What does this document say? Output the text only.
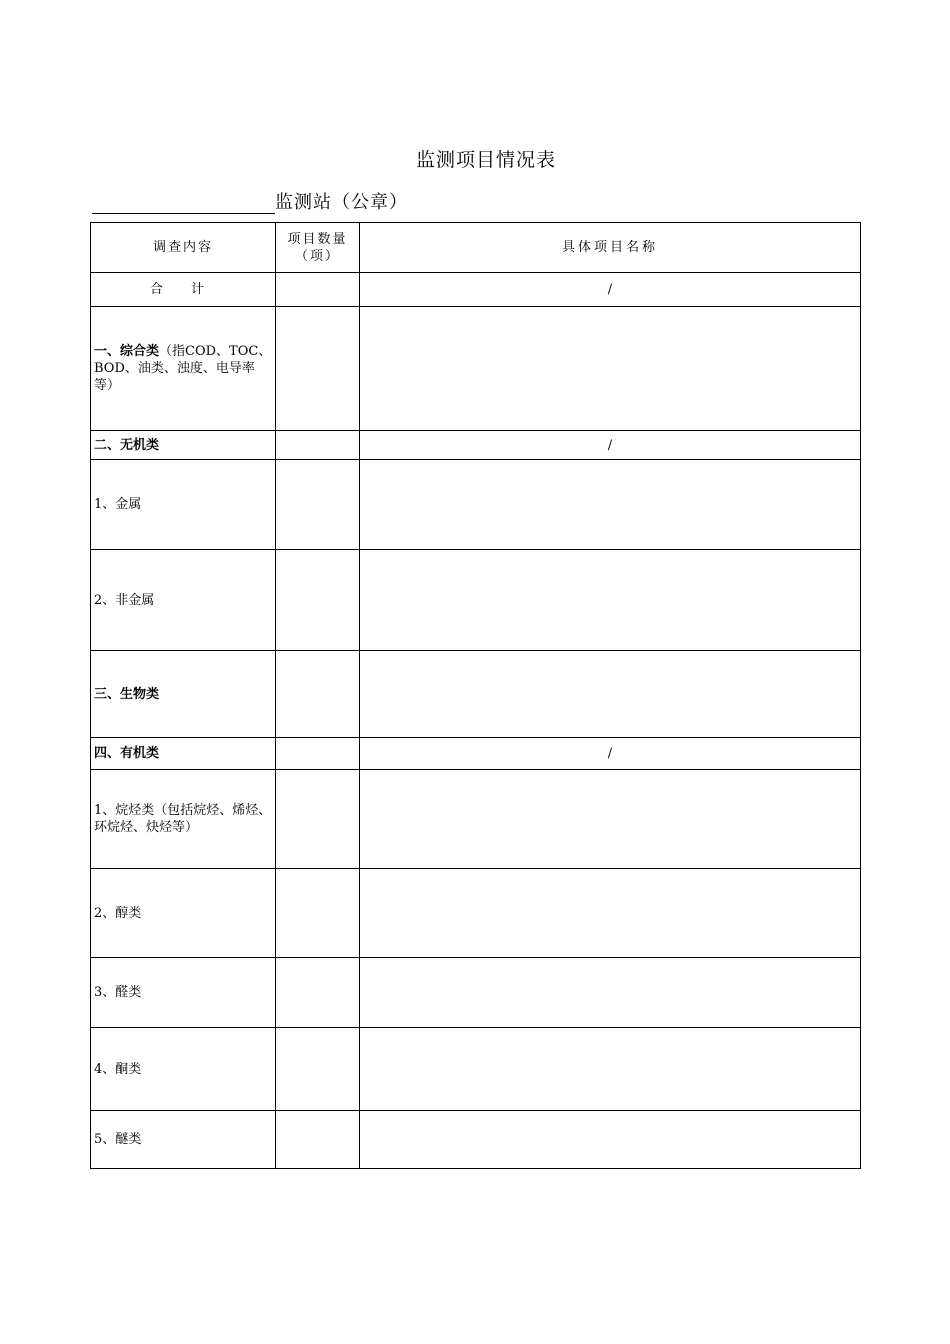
监测项目情况表
监测站（公章）
调查内容	项目数量（项）	具体项目名称
合 计		/
一、综合类（指COD、TOC、BOD、油类、浊度、电导率等）		
二、无机类		/
1、金属		
2、非金属		
三、生物类		
四、有机类		/
1、烷烃类（包括烷烃、烯烃、环烷烃、炔烃等）		
2、醇类		
3、醛类		
4、酮类		
5、醚类		
